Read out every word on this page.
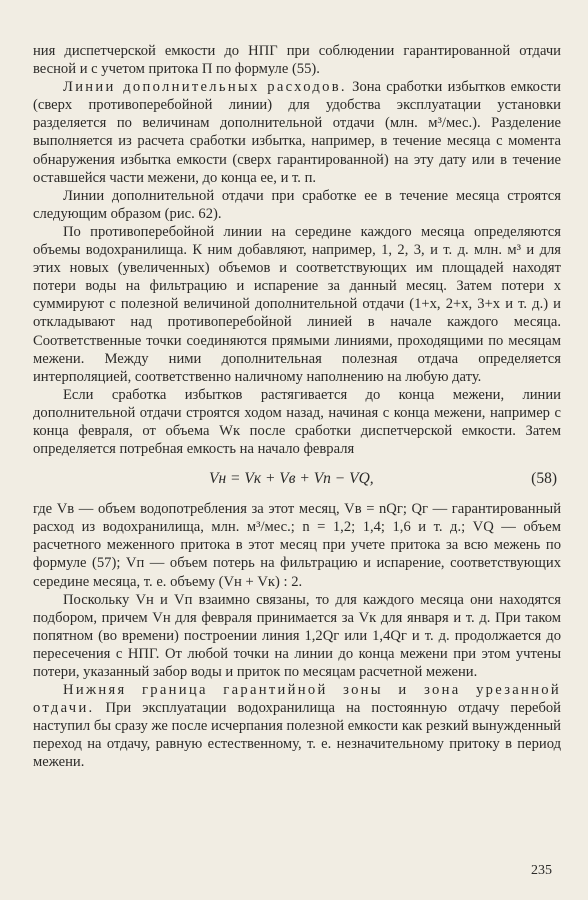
ния диспетчерской емкости до НПГ при соблюдении гарантированной отдачи весной и с учетом притока П по формуле (55).

Линии дополнительных расходов. Зона сработки избытков емкости (сверх противоперебойной линии) для удобства эксплуатации установки разделяется по величинам дополнительной отдачи (млн. м³/мес.). Разделение выполняется из расчета сработки избытка, например, в течение месяца с момента обнаружения избытка емкости (сверх гарантированной) на эту дату или в течение оставшейся части межени, до конца ее, и т. п.

Линии дополнительной отдачи при сработке ее в течение месяца строятся следующим образом (рис. 62).

По противоперебойной линии на середине каждого месяца определяются объемы водохранилища. К ним добавляют, например, 1, 2, 3, и т. д. млн. м³ и для этих новых (увеличенных) объемов и соответствующих им площадей находят потери воды на фильтрацию и испарение за данный месяц. Затем потери x суммируют с полезной величиной дополнительной отдачи (1+x, 2+x, 3+x и т. д.) и откладывают над противоперебойной линией в начале каждого месяца. Соответственные точки соединяются прямыми линиями, проходящими по месяцам межени. Между ними дополнительная полезная отдача определяется интерполяцией, соответственно наличному наполнению на любую дату.

Если сработка избытков растягивается до конца межени, линии дополнительной отдачи строятся ходом назад, начиная с конца межени, например с конца февраля, от объема Wк после сработки диспетчерской емкости. Затем определяется потребная емкость на начало февраля

Vн = Vк + Vв + Vп − VQ,	(58)

где Vв — объем водопотребления за этот месяц, Vв = nQг; Qг — гарантированный расход из водохранилища, млн. м³/мес.; n = 1,2; 1,4; 1,6 и т. д.; VQ — объем расчетного меженного притока в этот месяц при учете притока за всю межень по формуле (57); Vп — объем потерь на фильтрацию и испарение, соответствующих середине месяца, т. е. объему (Vн + Vк) : 2.

Поскольку Vн и Vп взаимно связаны, то для каждого месяца они находятся подбором, причем Vн для февраля принимается за Vк для января и т. д. При таком попятном (во времени) построении линия 1,2Qг или 1,4Qг и т. д. продолжается до пересечения с НПГ. От любой точки на линии до конца межени при этом учтены потери, указанный забор воды и приток по месяцам расчетной межени.

Нижняя граница гарантийной зоны и зона урезанной отдачи. При эксплуатации водохранилища на постоянную отдачу перебой наступил бы сразу же после исчерпания полезной емкости как резкий вынужденный переход на отдачу, равную естественному, т. е. незначительному притоку в период межени.

235
